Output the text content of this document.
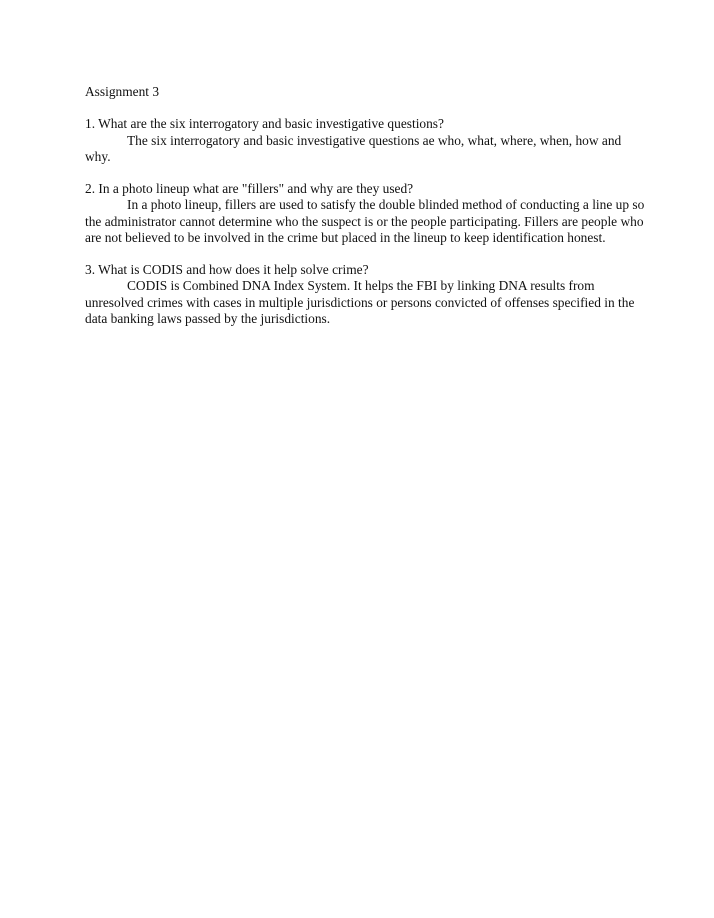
Assignment 3

1. What are the six interrogatory and basic investigative questions?

The six interrogatory and basic investigative questions ae who, what, where, when, how and why.

2. In a photo lineup what are "fillers" and why are they used?

In a photo lineup, fillers are used to satisfy the double blinded method of conducting a line up so the administrator cannot determine who the suspect is or the people participating. Fillers are people who are not believed to be involved in the crime but placed in the lineup to keep identification honest.

3. What is CODIS and how does it help solve crime?

CODIS is Combined DNA Index System. It helps the FBI by linking DNA results from unresolved crimes with cases in multiple jurisdictions or persons convicted of offenses specified in the data banking laws passed by the jurisdictions.
